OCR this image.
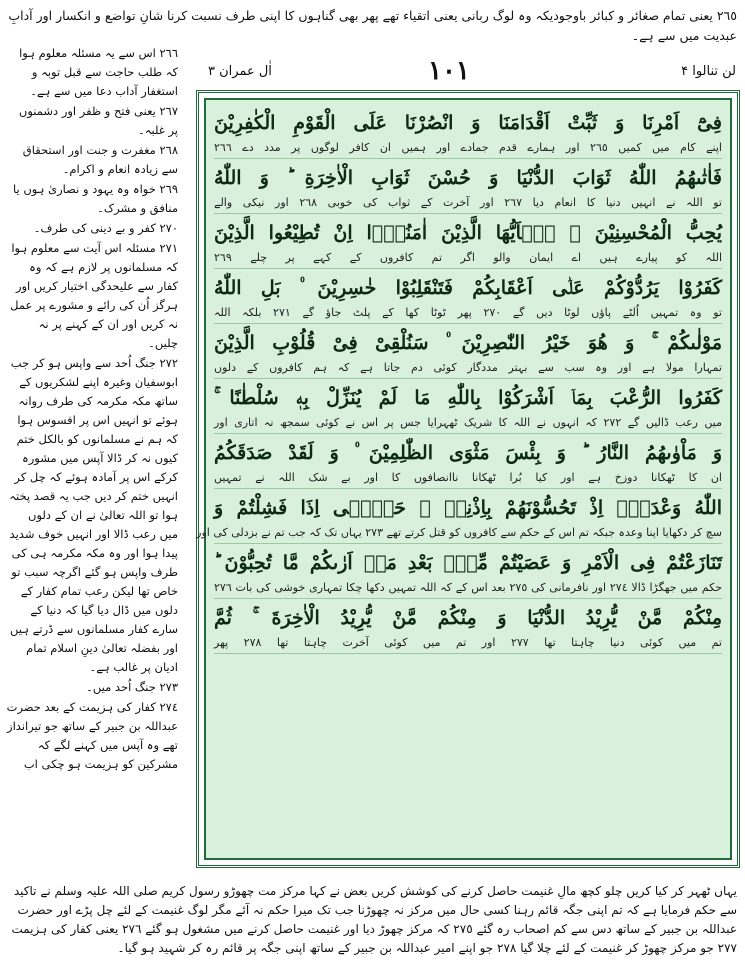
٢٦٥ یعنی تمام صغائر و کبائر باوجودیکہ وہ لوگ ربانی یعنی اتقیاء تھے پھر بھی گناہوں کا اپنی طرف نسبت کرنا شانِ تواضع و انکسار اور آدابِ عبدیت میں سے ہے۔

٢٦٦ اس سے یہ مسئلہ معلوم ہوا کہ طلب حاجت سے قبل توبہ و استغفار آداب دعا میں سے ہے۔

٢٦٧ یعنی فتح و ظفر اور دشمنوں پر غلبہ۔

٢٦٨ مغفرت و جنت اور استحقاق سے زیادہ انعام و اکرام۔

٢٦٩ خواہ وہ یہود و نصاریٰ ہوں یا منافق و مشرک۔

٢٧٠ کفر و بے دینی کی طرف۔

٢٧١ مسئلہ اس آیت سے معلوم ہوا کہ مسلمانوں پر لازم ہے کہ وہ کفار سے علیحدگی اختیار کریں اور ہرگز اُن کی رائے و مشورے پر عمل نہ کریں اور ان کے کہنے پر نہ چلیں۔

٢٧٢ جنگ اُحد سے واپس ہو کر جب ابوسفیان وغیرہ اپنے لشکریوں کے ساتھ مکہ مکرمہ کی طرف روانہ ہوئے تو انہیں اس پر افسوس ہوا کہ ہم نے مسلمانوں کو بالکل ختم کیوں نہ کر ڈالا آپس میں مشورہ کرکے اس پر آمادہ ہوئے کہ چل کر انہیں ختم کر دیں جب یہ قصد پختہ ہوا تو اللہ تعالیٰ نے ان کے دلوں میں رعب ڈالا اور انہیں خوف شدید پیدا ہوا اور وہ مکہ مکرمہ ہی کی طرف واپس ہو گئے اگرچہ سبب تو خاص تھا لیکن رعب تمام کفار کے دلوں میں ڈال دیا گیا کہ دنیا کے سارے کفار مسلمانوں سے ڈرتے ہیں اور بفضلہ تعالیٰ دینِ اسلام تمام ادیان پر غالب ہے۔

٢٧٣ جنگ اُحد میں۔

٢٧٤ کفار کی ہزیمت کے بعد حضرت عبداللہ بن جبیر کے ساتھ جو تیرانداز تھے وہ آپس میں کہنے لگے کہ مشرکین کو ہزیمت ہو چکی اب

لن تنالوا ۴
١٠١
اٰل عمران ۳
فِیْٓ اَمْرِنَا وَ ثَبِّتْ اَقْدَامَنَا وَ انْصُرْنَا عَلَی الْقَوْمِ الْكٰفِرِیْنَ
اپنے کام میں کمیں ٢٦٥ اور ہمارے قدم جمادے اور ہمیں ان کافر لوگوں پر مدد دے ٢٦٦
فَاٰتٰىهُمُ اللّٰهُ ثَوَابَ الدُّنْیَا وَ حُسْنَ ثَوَابِ الْاٰخِرَةِ ؕ وَ اللّٰهُ
تو اللہ نے انہیں دنیا کا انعام دیا ٢٦٧ اور آخرت کے ثواب کی خوبی ٢٦٨ اور نیکی والے
یُحِبُّ الْمُحْسِنِیْنَ ۠ یٰۤاَیُّهَا الَّذِیْنَ اٰمَنُوْۤا اِنْ تُطِیْعُوا الَّذِیْنَ
اللہ کو پیارے ہیں اے ایمان والو اگر تم کافروں کے کہے پر چلے ٢٦٩
كَفَرُوْا یَرُدُّوْكُمْ عَلٰۤی اَعْقَابِكُمْ فَتَنْقَلِبُوْا خٰسِرِیْنَ ۠ بَلِ اللّٰهُ
تو وہ تمہیں اُلٹے پاؤں لوٹا دیں گے ٢٧٠ پھر ٹوٹا کھا کے پلٹ جاؤ گے ٢٧١ بلکہ اللہ
مَوْلٰىكُمْ ۚ وَ هُوَ خَیْرُ النّٰصِرِیْنَ ۠ سَنُلْقِیْ فِیْ قُلُوْبِ الَّذِیْنَ
تمہارا مولا ہے اور وہ سب سے بہتر مددگار کوئی دم جاتا ہے کہ ہم کافروں کے دلوں
كَفَرُوا الرُّعْبَ بِمَاۤ اَشْرَكُوْا بِاللّٰهِ مَا لَمْ یُنَزِّلْ بِهٖ سُلْطٰنًا ۚ
میں رعب ڈالیں گے ٢٧٢ کہ انہوں نے اللہ کا شریک ٹھہرایا جس پر اس نے کوئی سمجھ نہ اتاری اور
وَ مَاْوٰىهُمُ النَّارُ ؕ وَ بِئْسَ مَثْوَی الظّٰلِمِیْنَ ۠ وَ لَقَدْ صَدَقَكُمُ
ان کا ٹھکانا دوزخ ہے اور کیا بُرا ٹھکانا ناانصافوں کا اور بے شک اللہ نے تمہیں
اللّٰهُ وَعْدَهٗۤ اِذْ تَحُسُّوْنَهُمْ بِاِذْنِهٖ ۚ حَتّٰۤی اِذَا فَشِلْتُمْ وَ
سچ کر دکھایا اپنا وعدہ جبکہ تم اس کے حکم سے کافروں کو قتل کرتے تھے ٢٧٣ یہاں تک کہ جب تم نے بزدلی کی اور
تَنَازَعْتُمْ فِی الْاَمْرِ وَ عَصَیْتُمْ مِّنْۢ بَعْدِ مَاۤ اَرٰىكُمْ مَّا تُحِبُّوْنَ ؕ
حکم میں جھگڑا ڈالا ٢٧٤ اور نافرمانی کی ٢٧٥ بعد اس کے کہ اللہ تمہیں دکھا چکا تمہاری خوشی کی بات ٢٧٦
مِنْكُمْ مَّنْ یُّرِیْدُ الدُّنْیَا وَ مِنْكُمْ مَّنْ یُّرِیْدُ الْاٰخِرَةَ ۚ ثُمَّ
تم میں کوئی دنیا چاہتا تھا ٢٧٧ اور تم میں کوئی آخرت چاہتا تھا ٢٧٨ پھر
یہاں ٹھہر کر کیا کریں چلو کچھ مالِ غنیمت حاصل کرنے کی کوشش کریں بعض نے کہا مرکز مت چھوڑو رسول کریم صلی اللہ علیہ وسلم نے تاکید سے حکم فرمایا ہے کہ تم اپنی جگہ قائم رہنا کسی حال میں مرکز نہ چھوڑنا جب تک میرا حکم نہ آئے مگر لوگ غنیمت کے لئے چل پڑے اور حضرت عبداللہ بن جبیر کے ساتھ دس سے کم اصحاب رہ گئے ٢٧٥ کہ مرکز چھوڑ دیا اور غنیمت حاصل کرنے میں مشغول ہو گئے ٢٧٦ یعنی کفار کی ہزیمت ٢٧٧ جو مرکز چھوڑ کر غنیمت کے لئے چلا گیا ٢٧٨ جو اپنے امیر عبداللہ بن جبیر کے ساتھ اپنی جگہ پر قائم رہ کر شہید ہو گیا۔
